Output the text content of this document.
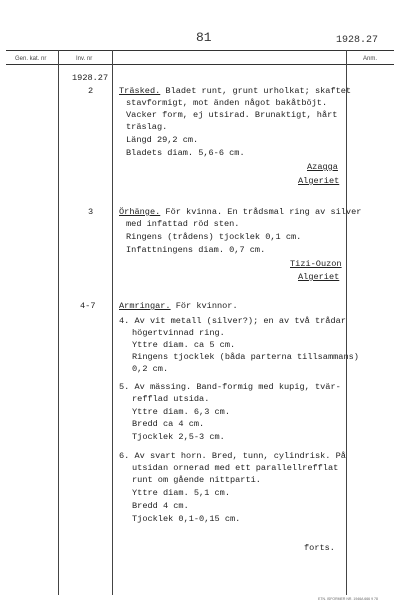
81	1928.27
Gen. kat. nr	Inv. nr	Anm.
1928.27
2	Träsked. Bladet runt, grunt urholkat; skaftet
stavformigt, mot änden något bakåtböjt.
Vacker form, ej utsirad. Brunaktigt, hårt
träslag.
Längd 29,2 cm.
Bladets diam. 5,6-6 cm.
Azagga
Algeriet
3	Örhänge. För kvinna. En trådsmal ring av silver
med infattad röd sten.
Ringens (trådens) tjocklek 0,1 cm.
Infattningens diam. 0,7 cm.
Tizi-Ouzon
Algeriet
4-7	Armringar. För kvinnor.
4. Av vit metall (silver?); en av två trådar
högertvinnad ring.
Yttre diam. ca 5 cm.
Ringens tjocklek (båda parterna tillsammans)
0,2 cm.
5. Av mässing. Band-formig med kupig, tvär-
refflad utsida.
Yttre diam. 6,3 cm.
Bredd ca 4 cm.
Tjocklek 2,5-3 cm.
6. Av svart horn. Bred, tunn, cylindrisk. På
utsidan ornerad med ett parallellrefflat
runt om gående nittparti.
Yttre diam. 5,1 cm.
Bredd 4 cm.
Tjocklek 0,1-0,15 cm.
forts.
ETN. ISFORMER NR. 1946A 666 9 78
